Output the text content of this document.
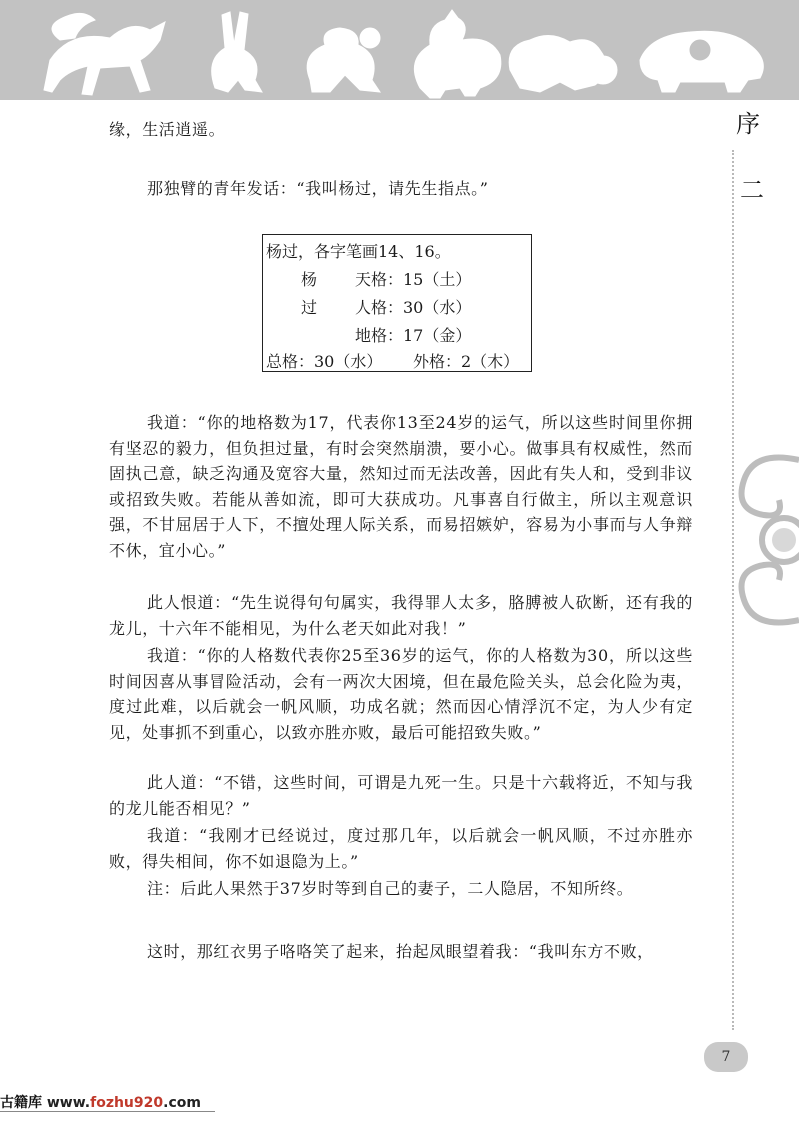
序
二
缘，生活逍遥。
那独臂的青年发话：“我叫杨过，请先生指点。”
杨过，各字笔画14、16。
杨 天格：15（土）
过 人格：30（水）
地格：17（金）
总格：30（水） 外格：2（木）
我道：“你的地格数为17，代表你13至24岁的运气，所以这些时间里你拥有坚忍的毅力，但负担过量，有时会突然崩溃，要小心。做事具有权威性，然而固执己意，缺乏沟通及宽容大量，然知过而无法改善，因此有失人和，受到非议或招致失败。若能从善如流，即可大获成功。凡事喜自行做主，所以主观意识强，不甘屈居于人下，不擅处理人际关系，而易招嫉妒，容易为小事而与人争辩不休，宜小心。”
此人恨道：“先生说得句句属实，我得罪人太多，胳膊被人砍断，还有我的龙儿，十六年不能相见，为什么老天如此对我！”
我道：“你的人格数代表你25至36岁的运气，你的人格数为30，所以这些时间因喜从事冒险活动，会有一两次大困境，但在最危险关头，总会化险为夷，度过此难，以后就会一帆风顺，功成名就；然而因心情浮沉不定，为人少有定见，处事抓不到重心，以致亦胜亦败，最后可能招致失败。”
此人道：“不错，这些时间，可谓是九死一生。只是十六载将近，不知与我的龙儿能否相见？”
我道：“我刚才已经说过，度过那几年，以后就会一帆风顺，不过亦胜亦败，得失相间，你不如退隐为上。”
注：后此人果然于37岁时等到自己的妻子，二人隐居，不知所终。
这时，那红衣男子咯咯笑了起来，抬起凤眼望着我：“我叫东方不败，
7
古籍库 www.fozhu920.com
